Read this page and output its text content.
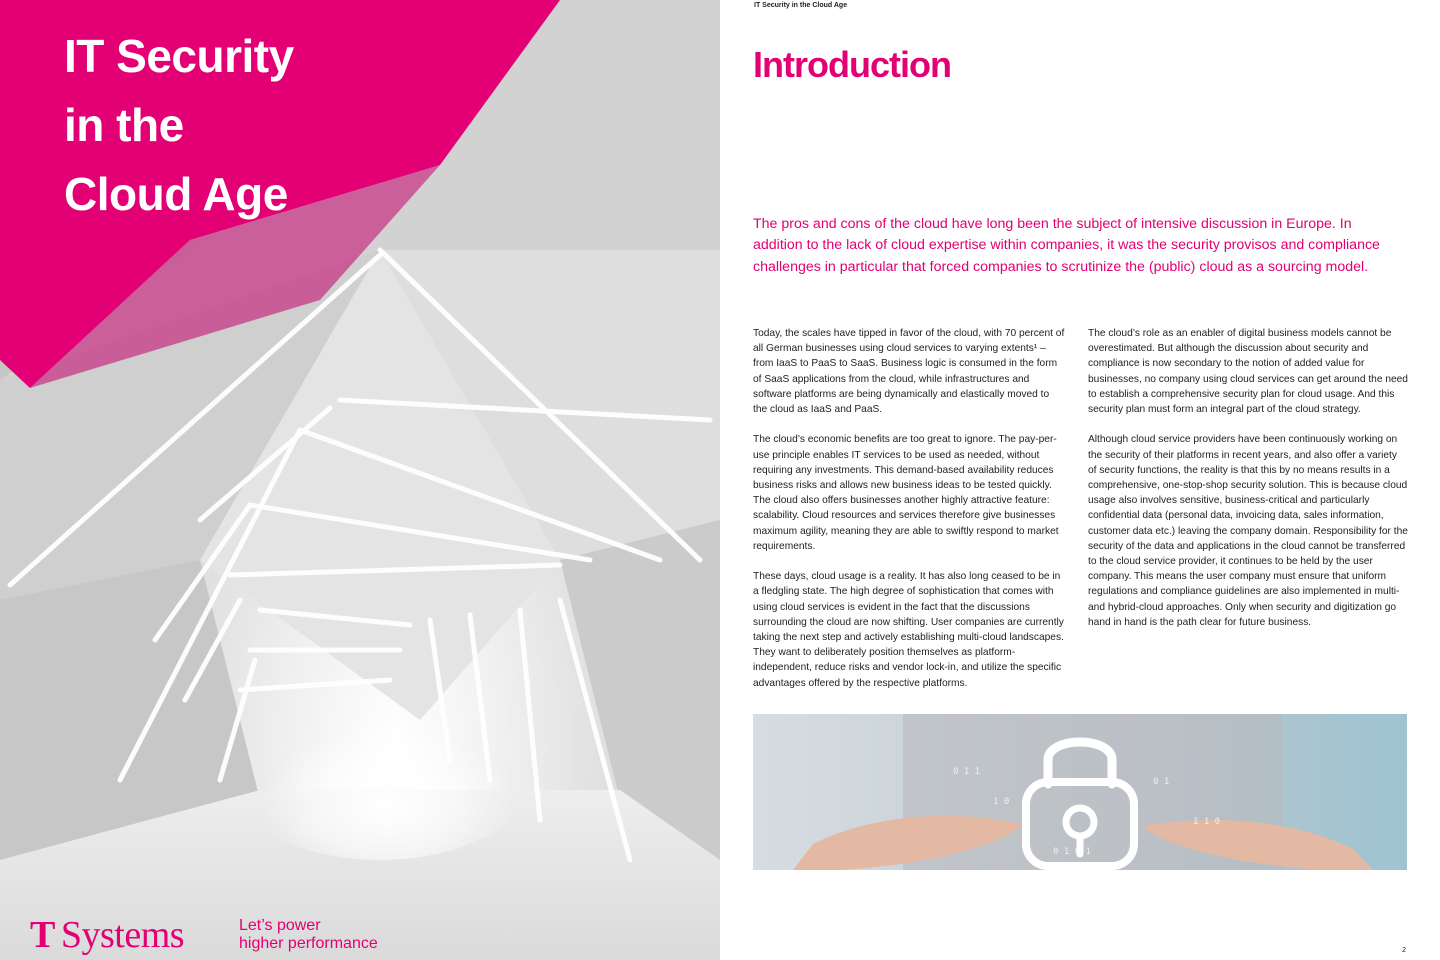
IT Security
in the
Cloud Age
T Systems	Let’s power
higher performance
IT Security in the Cloud Age
Introduction

The pros and cons of the cloud have long been the subject of intensive discussion in Europe. In addition to the lack of cloud expertise within companies, it was the security provisos and compliance challenges in particular that forced companies to scrutinize the (public) cloud as a sourcing model.

Today, the scales have tipped in favor of the cloud, with 70 percent of all German businesses using cloud services to varying extents¹ – from IaaS to PaaS to SaaS. Business logic is consumed in the form of SaaS applications from the cloud, while infrastructures and software platforms are being dynamically and elastically moved to the cloud as IaaS and PaaS.

The cloud’s economic benefits are too great to ignore. The pay-per-use principle enables IT services to be used as needed, without requiring any investments. This demand-based availability reduces business risks and allows new business ideas to be tested quickly. The cloud also offers businesses another highly attractive feature: scalability. Cloud resources and services therefore give businesses maximum agility, meaning they are able to swiftly respond to market requirements.

These days, cloud usage is a reality. It has also long ceased to be in a fledgling state. The high degree of sophistication that comes with using cloud services is evident in the fact that the discussions surrounding the cloud are now shifting. User companies are currently taking the next step and actively establishing multi-cloud landscapes. They want to deliberately position themselves as platform-independent, reduce risks and vendor lock-in, and utilize the specific advantages offered by the respective platforms.

The cloud’s role as an enabler of digital business models cannot be overestimated. But although the discussion about security and compliance is now secondary to the notion of added value for businesses, no company using cloud services can get around the need to establish a comprehensive security plan for cloud usage. And this security plan must form an integral part of the cloud strategy.

Although cloud service providers have been continuously working on the security of their platforms in recent years, and also offer a variety of security functions, the reality is that this by no means results in a comprehensive, one-stop-shop security solution. This is because cloud usage also involves sensitive, business-critical and particularly confidential data (personal data, invoicing data, sales information, customer data etc.) leaving the company domain. Responsibility for the security of the data and applications in the cloud cannot be transferred to the cloud service provider, it continues to be held by the user company. This means the user company must ensure that uniform regulations and compliance guidelines are also implemented in multi- and hybrid-cloud approaches. Only when security and digitization go hand in hand is the path clear for future business.

0 1 1
1 0
0 1
1 1 0
0 1 0 1
2
